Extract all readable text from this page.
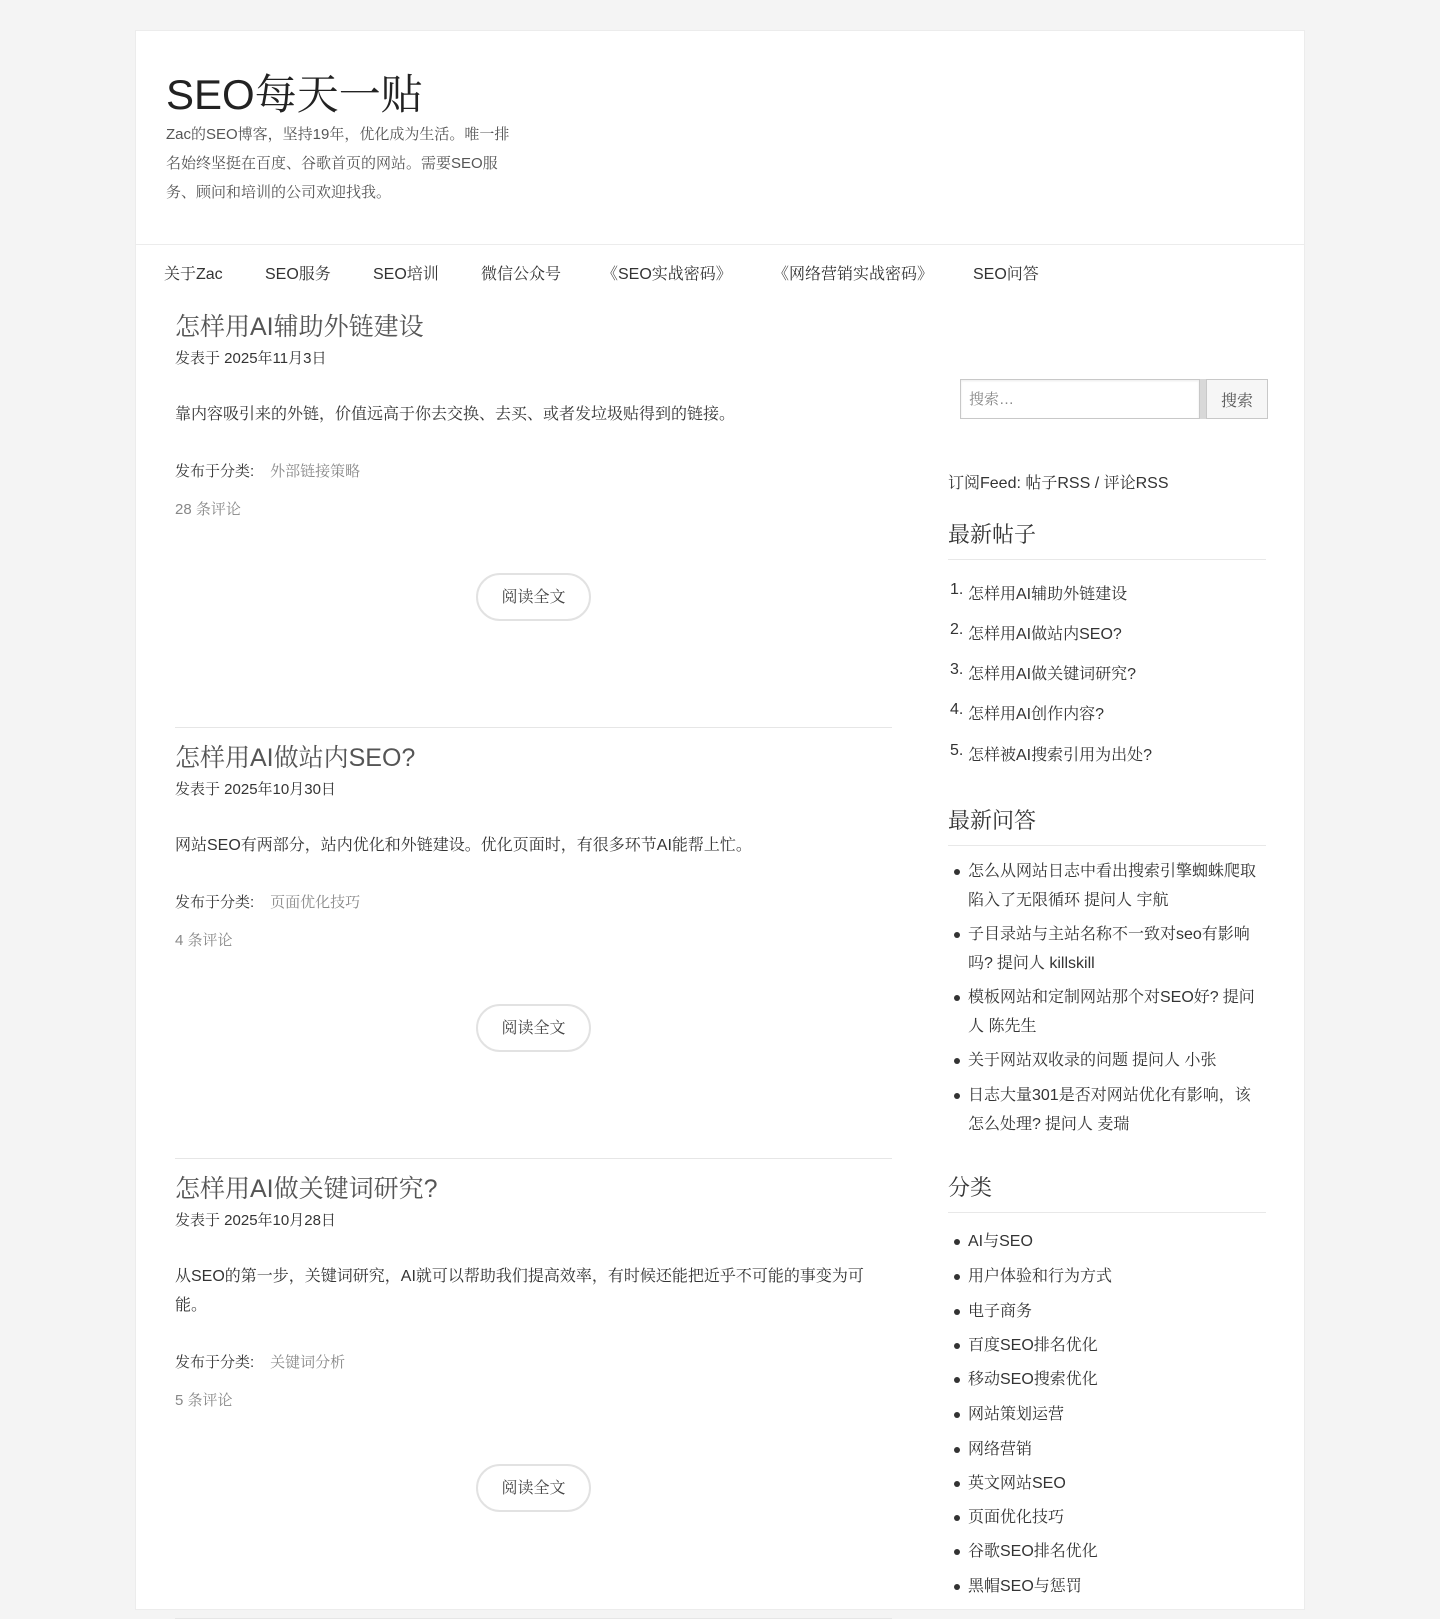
SEO每天一贴

Zac的SEO博客，坚持19年，优化成为生活。唯一排名始终坚挺在百度、谷歌首页的网站。需要SEO服务、顾问和培训的公司欢迎找我。

关于Zac	SEO服务	SEO培训	微信公众号	《SEO实战密码》	《网络营销实战密码》 SEO问答
怎样用AI辅助外链建设
发表于 2025年11月3日

靠内容吸引来的外链，价值远高于你去交换、去买、或者发垃圾贴得到的链接。

发布于分类: 外部链接策略
28 条评论
阅读全文
怎样用AI做站内SEO?
发表于 2025年10月30日

网站SEO有两部分，站内优化和外链建设。优化页面时，有很多环节AI能帮上忙。

发布于分类: 页面优化技巧
4 条评论
阅读全文
怎样用AI做关键词研究?
发表于 2025年10月28日

从SEO的第一步，关键词研究，AI就可以帮助我们提高效率，有时候还能把近乎不可能的事变为可能。

发布于分类: 关键词分析
5 条评论
阅读全文
搜索…
搜索
订阅Feed: 帖子RSS / 评论RSS
最新帖子
1. 怎样用AI辅助外链建设
2. 怎样用AI做站内SEO?
3. 怎样用AI做关键词研究?
4. 怎样用AI创作内容?
5. 怎样被AI搜索引用为出处?
最新问答
怎么从网站日志中看出搜索引擎蜘蛛爬取陷入了无限循环 提问人 宇航
子目录站与主站名称不一致对seo有影响吗? 提问人 killskill
模板网站和定制网站那个对SEO好? 提问人 陈先生
关于网站双收录的问题 提问人 小张
日志大量301是否对网站优化有影响，该怎么处理? 提问人 麦瑞
分类
AI与SEO
用户体验和行为方式
电子商务
百度SEO排名优化
移动SEO搜索优化
网站策划运营
网络营销
英文网站SEO
页面优化技巧
谷歌SEO排名优化
黑帽SEO与惩罚
